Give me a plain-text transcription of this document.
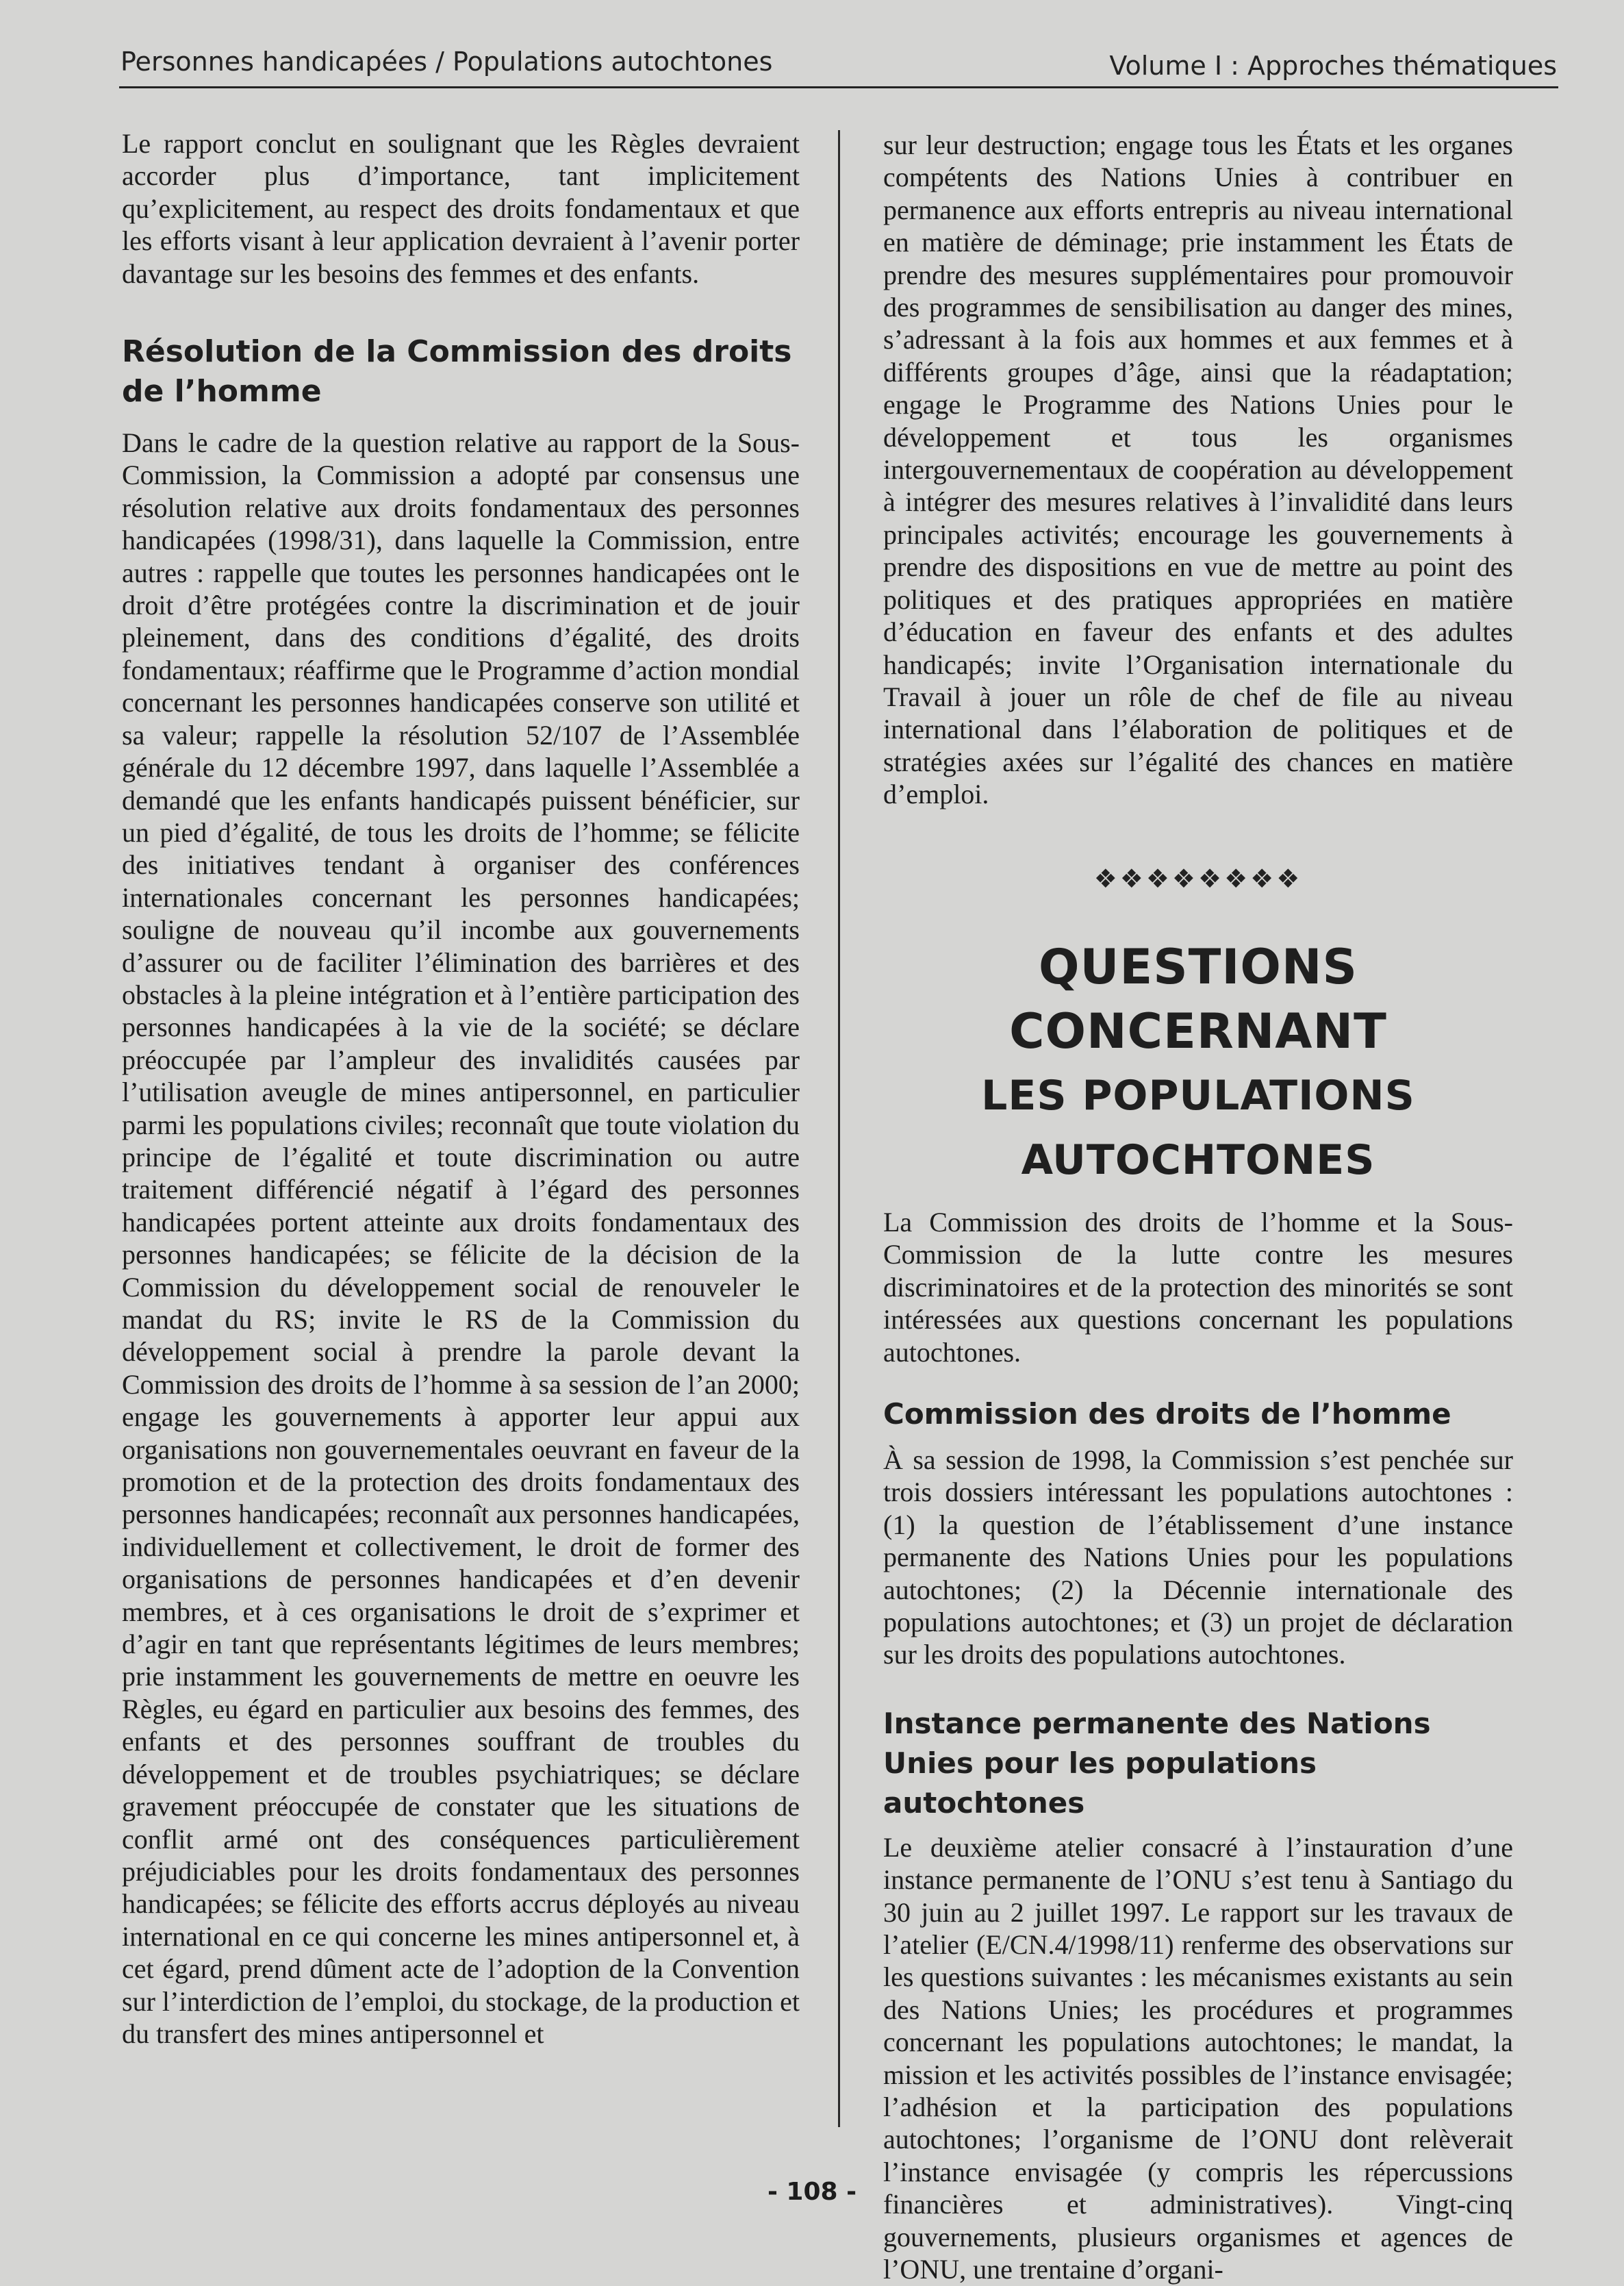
Personnes handicapées / Populations autochtones	Volume I : Approches thématiques

Le rapport conclut en soulignant que les Règles devraient accorder plus d’importance, tant implicitement qu’explicitement, au respect des droits fondamentaux et que les efforts visant à leur application devraient à l’avenir porter davantage sur les besoins des femmes et des enfants.

Résolution de la Commission des droits de l’homme

Dans le cadre de la question relative au rapport de la Sous-Commission, la Commission a adopté par consensus une résolution relative aux droits fondamentaux des personnes handicapées (1998/31), dans laquelle la Commission, entre autres : rappelle que toutes les personnes handicapées ont le droit d’être protégées contre la discrimination et de jouir pleinement, dans des conditions d’égalité, des droits fondamentaux; réaffirme que le Programme d’action mondial concernant les personnes handicapées conserve son utilité et sa valeur; rappelle la résolution 52/107 de l’Assemblée générale du 12 décembre 1997, dans laquelle l’Assemblée a demandé que les enfants handicapés puissent bénéficier, sur un pied d’égalité, de tous les droits de l’homme; se félicite des initiatives tendant à organiser des conférences internationales concernant les personnes handicapées; souligne de nouveau qu’il incombe aux gouvernements d’assurer ou de faciliter l’élimination des barrières et des obstacles à la pleine intégration et à l’entière participation des personnes handicapées à la vie de la société; se déclare préoccupée par l’ampleur des invalidités causées par l’utilisation aveugle de mines antipersonnel, en particulier parmi les populations civiles; reconnaît que toute violation du principe de l’égalité et toute discrimination ou autre traitement différencié négatif à l’égard des personnes handicapées portent atteinte aux droits fondamentaux des personnes handicapées; se félicite de la décision de la Commission du développement social de renouveler le mandat du RS; invite le RS de la Commission du développement social à prendre la parole devant la Commission des droits de l’homme à sa session de l’an 2000; engage les gouvernements à apporter leur appui aux organisations non gouvernementales oeuvrant en faveur de la promotion et de la protection des droits fondamentaux des personnes handicapées; reconnaît aux personnes handicapées, individuellement et collectivement, le droit de former des organisations de personnes handicapées et d’en devenir membres, et à ces organisations le droit de s’exprimer et d’agir en tant que représentants légitimes de leurs membres; prie instamment les gouvernements de mettre en oeuvre les Règles, eu égard en particulier aux besoins des femmes, des enfants et des personnes souffrant de troubles du développement et de troubles psychiatriques; se déclare gravement préoccupée de constater que les situations de conflit armé ont des conséquences particulièrement préjudiciables pour les droits fondamentaux des personnes handicapées; se félicite des efforts accrus déployés au niveau international en ce qui concerne les mines antipersonnel et, à cet égard, prend dûment acte de l’adoption de la Convention sur l’interdiction de l’emploi, du stockage, de la production et du transfert des mines antipersonnel et

sur leur destruction; engage tous les États et les organes compétents des Nations Unies à contribuer en permanence aux efforts entrepris au niveau international en matière de déminage; prie instamment les États de prendre des mesures supplémentaires pour promouvoir des programmes de sensibilisation au danger des mines, s’adressant à la fois aux hommes et aux femmes et à différents groupes d’âge, ainsi que la réadaptation; engage le Programme des Nations Unies pour le développement et tous les organismes intergouvernementaux de coopération au développement à intégrer des mesures relatives à l’invalidité dans leurs principales activités; encourage les gouvernements à prendre des dispositions en vue de mettre au point des politiques et des pratiques appropriées en matière d’éducation en faveur des enfants et des adultes handicapés; invite l’Organisation internationale du Travail à jouer un rôle de chef de file au niveau international dans l’élaboration de politiques et de stratégies axées sur l’égalité des chances en matière d’emploi.

❖❖❖❖❖❖❖❖
QUESTIONS CONCERNANT
LES POPULATIONS
AUTOCHTONES

La Commission des droits de l’homme et la Sous-Commission de la lutte contre les mesures discriminatoires et de la protection des minorités se sont intéressées aux questions concernant les populations autochtones.

Commission des droits de l’homme

À sa session de 1998, la Commission s’est penchée sur trois dossiers intéressant les populations autochtones : (1) la question de l’établissement d’une instance permanente des Nations Unies pour les populations autochtones; (2) la Décennie internationale des populations autochtones; et (3) un projet de déclaration sur les droits des populations autochtones.

Instance permanente des Nations Unies pour les populations autochtones

Le deuxième atelier consacré à l’instauration d’une instance permanente de l’ONU s’est tenu à Santiago du 30 juin au 2 juillet 1997. Le rapport sur les travaux de l’atelier (E/CN.4/1998/11) renferme des observations sur les questions suivantes : les mécanismes existants au sein des Nations Unies; les procédures et programmes concernant les populations autochtones; le mandat, la mission et les activités possibles de l’instance envisagée; l’adhésion et la participation des populations autochtones; l’organisme de l’ONU dont relèverait l’instance envisagée (y compris les répercussions financières et administratives). Vingt-cinq gouvernements, plusieurs organismes et agences de l’ONU, une trentaine d’organi-

- 108 -
